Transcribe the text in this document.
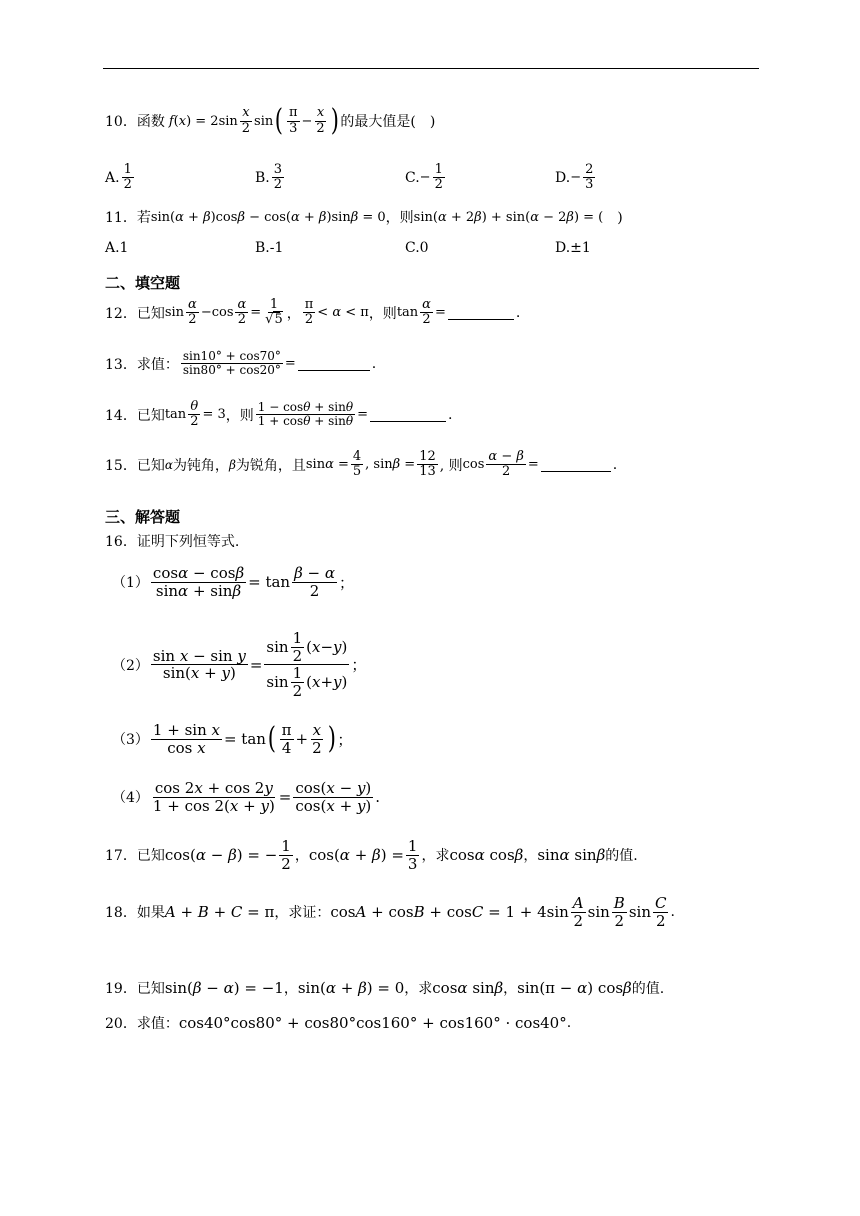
10． 函数 $f(x) = 2\sin \frac{x}{2}$ sin ( $\frac{\pi}{3} - \frac{x}{2}$ ) 的最大值是(　)
A. $\frac{1}{2}$	B. $\frac{3}{2}$	C. − $\frac{1}{2}$	D. − $\frac{2}{3}$
11． 若 sin(α + β)cosβ − cos(α + β)sinβ = 0 ，则 sin(α + 2β) + sin(α − 2β) = ( 　)
A.1	B.-1	C.0	D.±1
二、填空题
12． 已知 $\sin \frac{\alpha}{2} -\cos \frac{\alpha}{2} = \frac{1}{√5}$ ， $\frac{\pi}{2} < \alpha < \pi$ ，则 $\tan \frac{\alpha}{2}$ =	.
13． 求值： $\frac{\sin 10^\circ + \cos 70^\circ}{\sin 80^\circ + \cos 20^\circ}$ =	.
14． 已知 $\tan \frac{\theta}{2} = 3$ ，则 $\frac{1 - \cos\theta + \sin\theta}{1 + \cos\theta + \sin\theta}$ =	.
15． 已知 α 为钝角， β 为锐角，且 $\sin\alpha = \frac{4}{5}$ , $\sin\beta = \frac{12}{13}$ , 则 $\cos \frac{\alpha - \beta}{2}$ =	.
三、解答题
16． 证明下列恒等式.
$(1) \frac{\cos\alpha - \cos\beta}{\sin\alpha + \sin\beta} = \tan \frac{\beta - \alpha}{2}$ ；
$(2) \frac{\text{sin x − sin y}}{\sin(x + y)} = \frac{\sin \frac{1}{2} ( x - y )}{\sin \frac{1}{2} ( x + y )}$ ；
$(3) \frac{\text{1 + sin x}}{\text{cos x}} = \tan$ ( $\frac{\pi}{4} + \frac{x}{2}$ ) ；
$(4) \frac{\cos 2x + \cos 2y}{1 + \cos 2(x + y)} = \frac{\cos(x - y)}{\cos(x + y)}$ .
17． 已知 cos(α − β) = − $\frac{1}{2}$ ， $\cos(\alpha + \beta) = \frac{1}{3}$ ，求 cosα cosβ ， sinα sinβ 的值.
18． 如果 A + B + C = π ，求证： $\cos A + \cos B + \cos C = 1 + 4\sin \frac{A}{2}$ $\sin \frac{B}{2}$ $\sin \frac{C}{2}$ .
19． 已知 sin(β − α) = −1 ， sin(α + β) = 0 ，求 cosα sinβ ， sin(π − α) cosβ 的值.
20． 求值： cos40°cos80° + cos80°cos160° + cos160° · cos40° .
